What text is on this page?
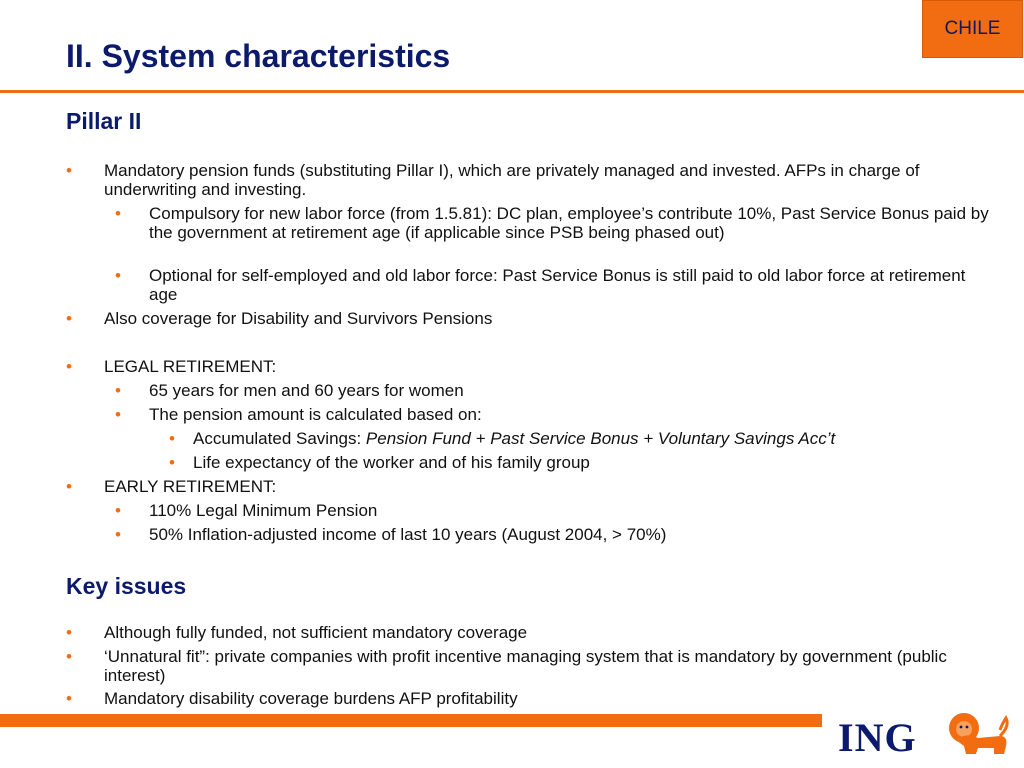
CHILE
II. System characteristics
Pillar II
• Mandatory pension funds (substituting Pillar I), which are privately managed and invested. AFPs in charge of underwriting and investing.
• Compulsory for new labor force (from 1.5.81): DC plan, employee’s contribute 10%, Past Service Bonus paid by the government at retirement age (if applicable since PSB being phased out)
• Optional for self-employed and old labor force: Past Service Bonus is still paid to old labor force at retirement age
• Also coverage for Disability and Survivors Pensions
• LEGAL RETIREMENT:
• 65 years for men and 60 years for women
• The pension amount is calculated based on:
• Accumulated Savings: Pension Fund + Past Service Bonus + Voluntary Savings Acc’t
• Life expectancy of the worker and of his family group
• EARLY RETIREMENT:
• 110% Legal Minimum Pension
• 50% Inflation-adjusted income of last 10 years (August 2004, > 70%)
Key issues
• Although fully funded, not sufficient mandatory coverage
• ‘Unnatural fit”: private companies with profit incentive managing system that is mandatory by government (public interest)
• Mandatory disability coverage burdens AFP profitability
ING
